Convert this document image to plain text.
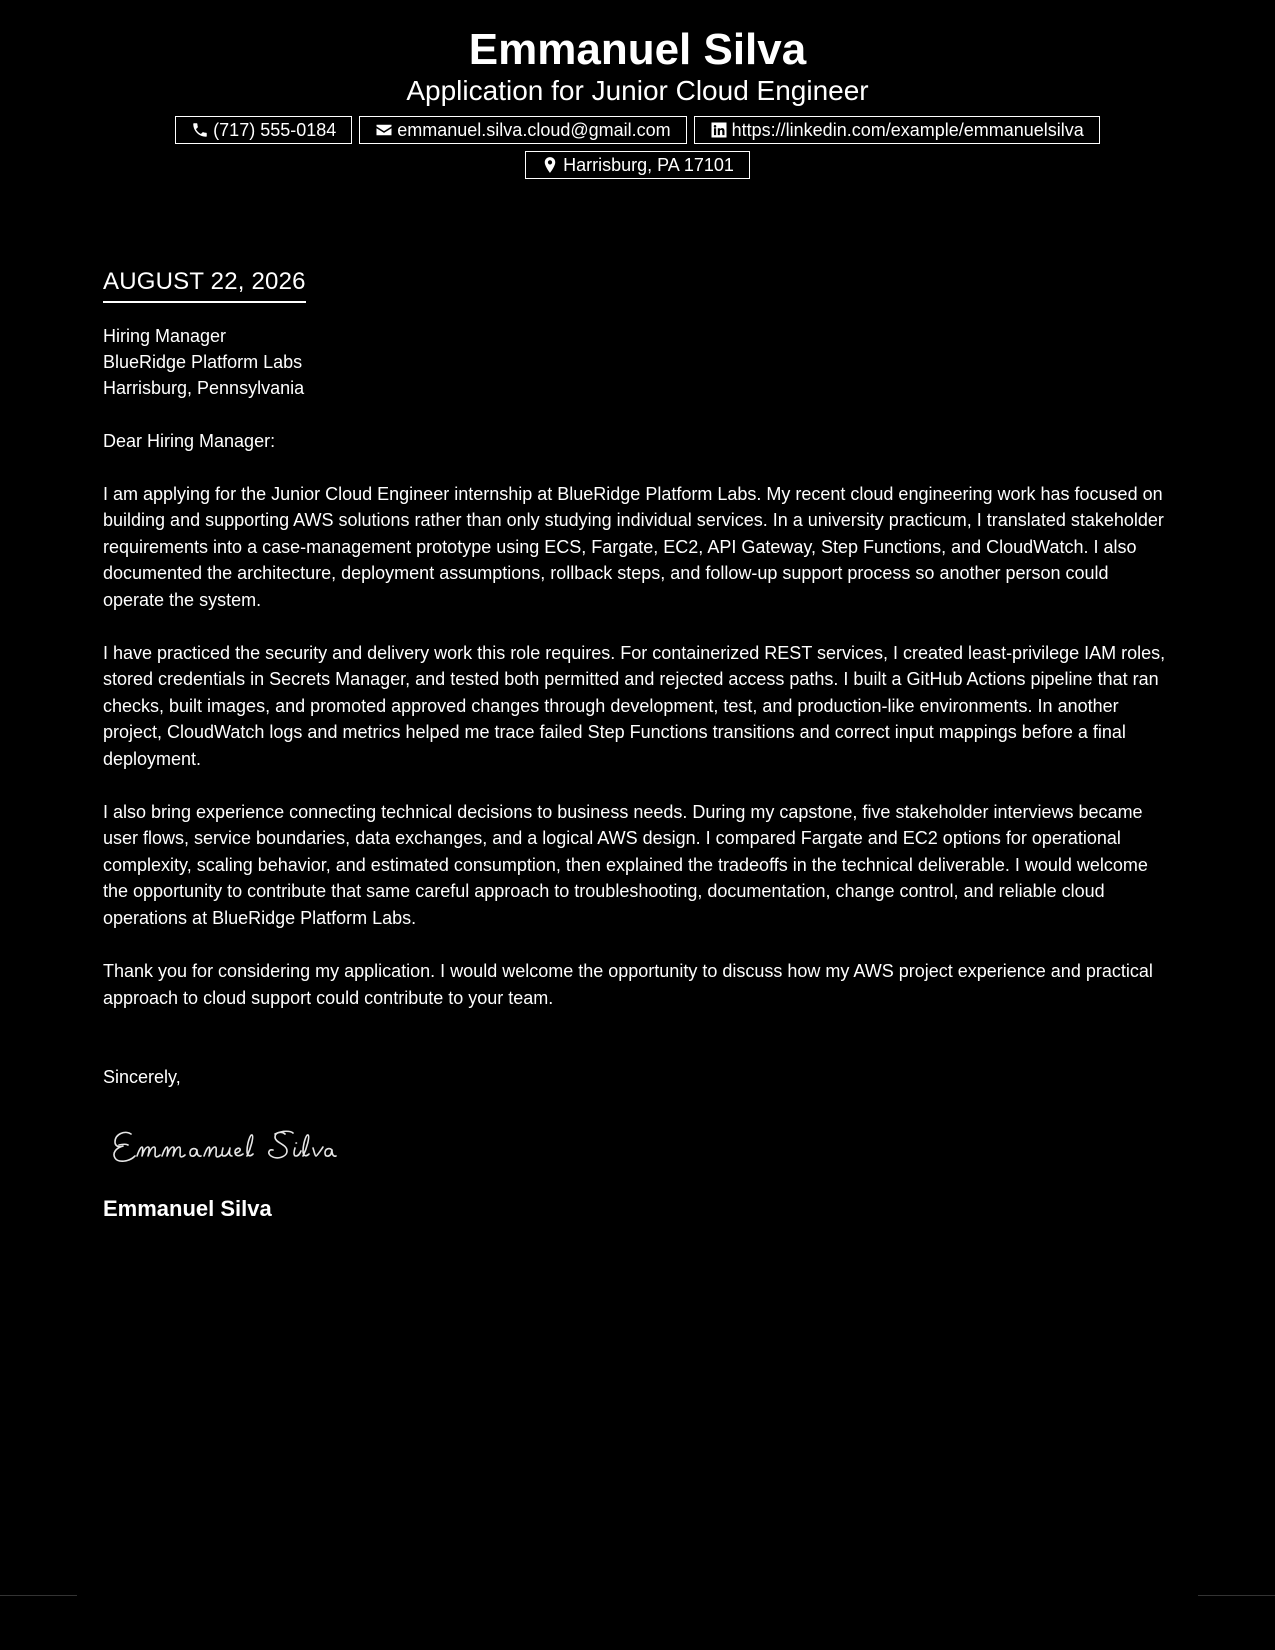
Emmanuel Silva
Application for Junior Cloud Engineer
(717) 555-0184	emmanuel.silva.cloud@gmail.com	https://linkedin.com/example/emmanuelsilva
Harrisburg, PA 17101
AUGUST 22, 2026
Hiring Manager
BlueRidge Platform Labs
Harrisburg, Pennsylvania
Dear Hiring Manager:
I am applying for the Junior Cloud Engineer internship at BlueRidge Platform Labs. My recent cloud engineering work has focused on building and supporting AWS solutions rather than only studying individual services. In a university practicum, I translated stakeholder requirements into a case-management prototype using ECS, Fargate, EC2, API Gateway, Step Functions, and CloudWatch. I also documented the architecture, deployment assumptions, rollback steps, and follow-up support process so another person could operate the system.
I have practiced the security and delivery work this role requires. For containerized REST services, I created least-privilege IAM roles, stored credentials in Secrets Manager, and tested both permitted and rejected access paths. I built a GitHub Actions pipeline that ran checks, built images, and promoted approved changes through development, test, and production-like environments. In another project, CloudWatch logs and metrics helped me trace failed Step Functions transitions and correct input mappings before a final deployment.
I also bring experience connecting technical decisions to business needs. During my capstone, five stakeholder interviews became user flows, service boundaries, data exchanges, and a logical AWS design. I compared Fargate and EC2 options for operational complexity, scaling behavior, and estimated consumption, then explained the tradeoffs in the technical deliverable. I would welcome the opportunity to contribute that same careful approach to troubleshooting, documentation, change control, and reliable cloud operations at BlueRidge Platform Labs.
Thank you for considering my application. I would welcome the opportunity to discuss how my AWS project experience and practical approach to cloud support could contribute to your team.
Sincerely,
Emmanuel Silva
